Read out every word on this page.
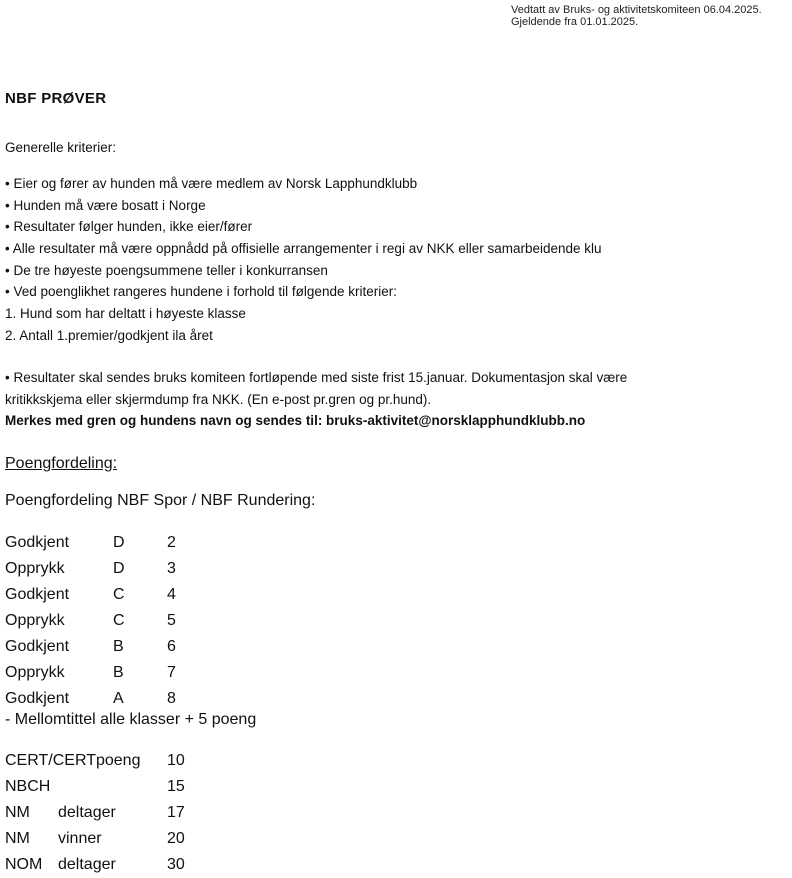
Vedtatt av Bruks- og aktivitetskomiteen 06.04.2025.
Gjeldende fra 01.01.2025.
NBF PRØVER
Generelle kriterier:
• Eier og fører av hunden må være medlem av Norsk Lapphundklubb
• Hunden må være bosatt i Norge
• Resultater følger hunden, ikke eier/fører
• Alle resultater må være oppnådd på offisielle arrangementer i regi av NKK eller samarbeidende klu
• De tre høyeste poengsummene teller i konkurransen
• Ved poenglikhet rangeres hundene i forhold til følgende kriterier:
1. Hund som har deltatt i høyeste klasse
2. Antall 1.premier/godkjent ila året
• Resultater skal sendes bruks komiteen fortløpende med siste frist 15.januar. Dokumentasjon skal være
kritikkskjema eller skjermdump fra NKK. (En e-post pr.gren og pr.hund).
Merkes med gren og hundens navn og sendes til: bruks-aktivitet@norsklapphundklubb.no
Poengfordeling:
Poengfordeling NBF Spor / NBF Rundering:
Godkjent	D	2
Opprykk	D	3
Godkjent	C	4
Opprykk	C	5
Godkjent	B	6
Opprykk	B	7
Godkjent	A	8
- Mellomtittel alle klasser + 5 poeng
CERT/CERTpoeng 10
NBCH	15
NM deltager	17
NM vinner	20
NOM deltager	30
